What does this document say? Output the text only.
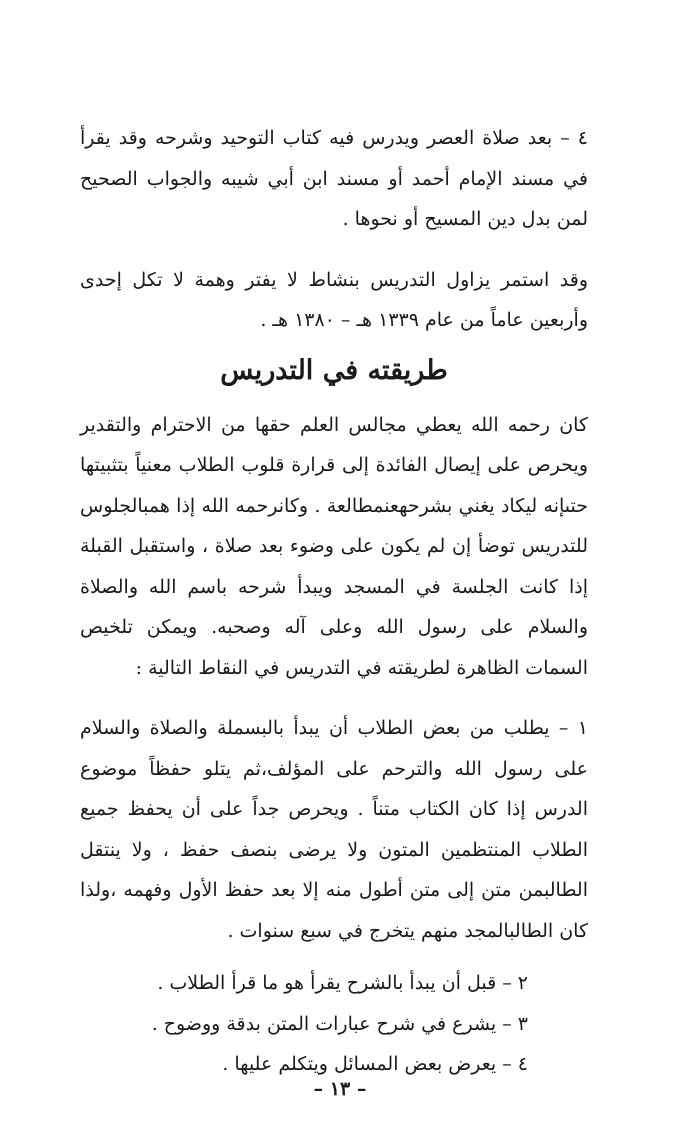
٤ – بعد صلاة العصر ويدرس فيه كتاب التوحيد وشرحه وقد يقرأ في مسند الإمام أحمد أو مسند ابن أبي شيبه والجواب الصحيح لمن بدل دين المسيح أو نحوها .

وقد استمر يزاول التدريس بنشاط لا يفتر وهمة لا تكل إحدى وأربعين عاماً من عام ١٣٣٩ هـ – ١٣٨٠ هـ .

طريقته في التدريس

كان رحمه الله يعطي مجالس العلم حقها من الاحترام والتقدير ويحرص على إيصال الفائدة إلى قرارة قلوب الطلاب معنياً بتثبيتها حتىإنه ليكاد يغني بشرحهعنمطالعة . وكانرحمه الله إذا همبالجلوس للتدريس توضأ إن لم يكون على وضوء بعد صلاة ، واستقبل القبلة إذا كانت الجلسة في المسجد ويبدأ شرحه باسم الله والصلاة والسلام على رسول الله وعلى آله وصحبه. ويمكن تلخيص السمات الظاهرة لطريقته في التدريس في النقاط التالية :

١ – يطلب من بعض الطلاب أن يبدأ بالبسملة والصلاة والسلام على رسول الله والترحم على المؤلف،ثم يتلو حفظاً موضوع الدرس إذا كان الكتاب متناً . ويحرص جداً على أن يحفظ جميع الطلاب المنتظمين المتون ولا يرضى بنصف حفظ ، ولا ينتقل الطالبمن متن إلى متن أطول منه إلا بعد حفظ الأول وفهمه ،ولذا كان الطالبالمجد منهم يتخرج في سبع سنوات .

٢ – قبل أن يبدأ بالشرح يقرأ هو ما قرأ الطلاب .

٣ – يشرع في شرح عبارات المتن بدقة ووضوح .

٤ – يعرض بعض المسائل ويتكلم عليها .

– ١٣ –
